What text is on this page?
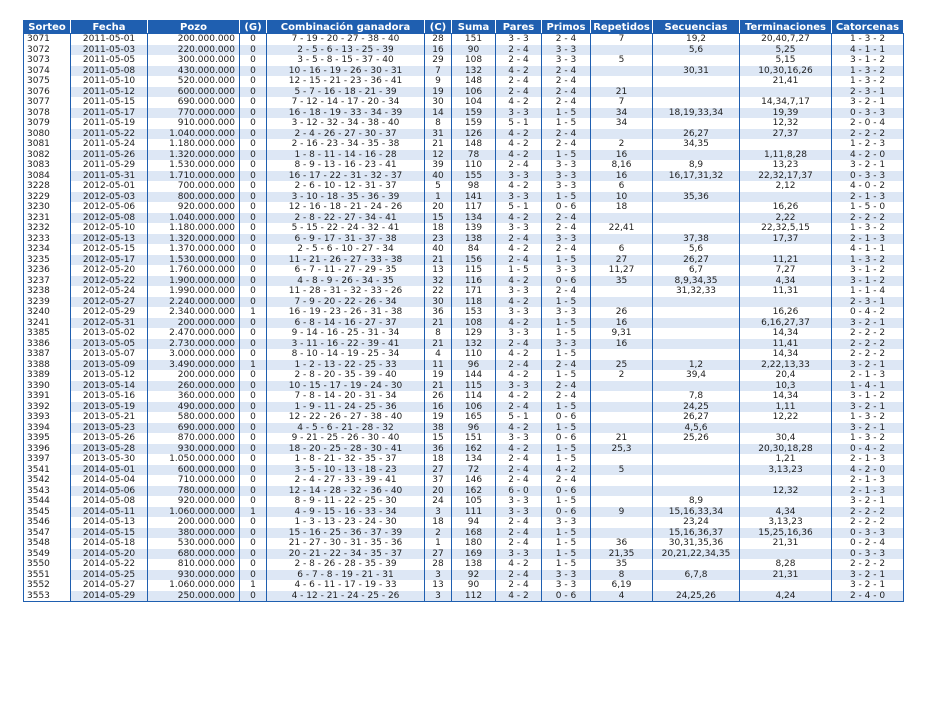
Sorteo	Fecha	Pozo	(G)	Combinación ganadora	(C)	Suma	Pares	Primos	Repetidos	Secuencias	Terminaciones	Catorcenas
3071	2011-05-01	200.000.000	0	7 - 19 - 20 - 27 - 38 - 40	28	151	3 - 3	2 - 4	7	19,2	20,40,7,27	1 - 3 - 2
3072	2011-05-03	220.000.000	0	2 - 5 - 6 - 13 - 25 - 39	16	90	2 - 4	3 - 3		5,6	5,25	4 - 1 - 1
3073	2011-05-05	300.000.000	0	3 - 5 - 8 - 15 - 37 - 40	29	108	2 - 4	3 - 3	5		5,15	3 - 1 - 2
3074	2011-05-08	430.000.000	0	10 - 16 - 19 - 26 - 30 - 31	7	132	4 - 2	2 - 4		30,31	10,30,16,26	1 - 3 - 2
3075	2011-05-10	520.000.000	0	12 - 15 - 21 - 23 - 36 - 41	9	148	2 - 4	2 - 4			21,41	1 - 3 - 2
3076	2011-05-12	600.000.000	0	5 - 7 - 16 - 18 - 21 - 39	19	106	2 - 4	2 - 4	21			2 - 3 - 1
3077	2011-05-15	690.000.000	0	7 - 12 - 14 - 17 - 20 - 34	30	104	4 - 2	2 - 4	7		14,34,7,17	3 - 2 - 1
3078	2011-05-17	770.000.000	0	16 - 18 - 19 - 33 - 34 - 39	14	159	3 - 3	1 - 5	34	18,19,33,34	19,39	0 - 3 - 3
3079	2011-05-19	910.000.000	0	3 - 12 - 32 - 34 - 38 - 40	8	159	5 - 1	1 - 5	34		12,32	2 - 0 - 4
3080	2011-05-22	1.040.000.000	0	2 - 4 - 26 - 27 - 30 - 37	31	126	4 - 2	2 - 4		26,27	27,37	2 - 2 - 2
3081	2011-05-24	1.180.000.000	0	2 - 16 - 23 - 34 - 35 - 38	21	148	4 - 2	2 - 4	2	34,35		1 - 2 - 3
3082	2011-05-26	1.320.000.000	0	1 - 8 - 11 - 14 - 16 - 28	12	78	4 - 2	1 - 5	16		1,11,8,28	4 - 2 - 0
3083	2011-05-29	1.530.000.000	0	8 - 9 - 13 - 16 - 23 - 41	39	110	2 - 4	3 - 3	8,16	8,9	13,23	3 - 2 - 1
3084	2011-05-31	1.710.000.000	0	16 - 17 - 22 - 31 - 32 - 37	40	155	3 - 3	3 - 3	16	16,17,31,32	22,32,17,37	0 - 3 - 3
3228	2012-05-01	700.000.000	0	2 - 6 - 10 - 12 - 31 - 37	5	98	4 - 2	3 - 3	6		2,12	4 - 0 - 2
3229	2012-05-03	800.000.000	0	3 - 10 - 18 - 35 - 36 - 39	1	141	3 - 3	1 - 5	10	35,36		2 - 1 - 3
3230	2012-05-06	920.000.000	0	12 - 16 - 18 - 21 - 24 - 26	20	117	5 - 1	0 - 6	18		16,26	1 - 5 - 0
3231	2012-05-08	1.040.000.000	0	2 - 8 - 22 - 27 - 34 - 41	15	134	4 - 2	2 - 4			2,22	2 - 2 - 2
3232	2012-05-10	1.180.000.000	0	5 - 15 - 22 - 24 - 32 - 41	18	139	3 - 3	2 - 4	22,41		22,32,5,15	1 - 3 - 2
3233	2012-05-13	1.320.000.000	0	6 - 9 - 17 - 31 - 37 - 38	23	138	2 - 4	3 - 3		37,38	17,37	2 - 1 - 3
3234	2012-05-15	1.370.000.000	0	2 - 5 - 6 - 10 - 27 - 34	40	84	4 - 2	2 - 4	6	5,6		4 - 1 - 1
3235	2012-05-17	1.530.000.000	0	11 - 21 - 26 - 27 - 33 - 38	21	156	2 - 4	1 - 5	27	26,27	11,21	1 - 3 - 2
3236	2012-05-20	1.760.000.000	0	6 - 7 - 11 - 27 - 29 - 35	13	115	1 - 5	3 - 3	11,27	6,7	7,27	3 - 1 - 2
3237	2012-05-22	1.900.000.000	0	4 - 8 - 9 - 26 - 34 - 35	32	116	4 - 2	0 - 6	35	8,9,34,35	4,34	3 - 1 - 2
3238	2012-05-24	1.990.000.000	0	11 - 28 - 31 - 32 - 33 - 26	22	171	3 - 3	2 - 4		31,32,33	11,31	1 - 1 - 4
3239	2012-05-27	2.240.000.000	0	7 - 9 - 20 - 22 - 26 - 34	30	118	4 - 2	1 - 5				2 - 3 - 1
3240	2012-05-29	2.340.000.000	1	16 - 19 - 23 - 26 - 31 - 38	36	153	3 - 3	3 - 3	26		16,26	0 - 4 - 2
3241	2012-05-31	200.000.000	0	6 - 8 - 14 - 16 - 27 - 37	21	108	4 - 2	1 - 5	16		6,16,27,37	3 - 2 - 1
3385	2013-05-02	2.470.000.000	0	9 - 14 - 16 - 25 - 31 - 34	8	129	3 - 3	1 - 5	9,31		14,34	2 - 2 - 2
3386	2013-05-05	2.730.000.000	0	3 - 11 - 16 - 22 - 39 - 41	21	132	2 - 4	3 - 3	16		11,41	2 - 2 - 2
3387	2013-05-07	3.000.000.000	0	8 - 10 - 14 - 19 - 25 - 34	4	110	4 - 2	1 - 5			14,34	2 - 2 - 2
3388	2013-05-09	3.490.000.000	1	1 - 2 - 13 - 22 - 25 - 33	11	96	2 - 4	2 - 4	25	1,2	2,22,13,33	3 - 2 - 1
3389	2013-05-12	200.000.000	0	2 - 8 - 20 - 35 - 39 - 40	19	144	4 - 2	1 - 5	2	39,4	20,4	2 - 1 - 3
3390	2013-05-14	260.000.000	0	10 - 15 - 17 - 19 - 24 - 30	21	115	3 - 3	2 - 4			10,3	1 - 4 - 1
3391	2013-05-16	360.000.000	0	7 - 8 - 14 - 20 - 31 - 34	26	114	4 - 2	2 - 4		7,8	14,34	3 - 1 - 2
3392	2013-05-19	490.000.000	0	1 - 9 - 11 - 24 - 25 - 36	16	106	2 - 4	1 - 5		24,25	1,11	3 - 2 - 1
3393	2013-05-21	580.000.000	0	12 - 22 - 26 - 27 - 38 - 40	19	165	5 - 1	0 - 6		26,27	12,22	1 - 3 - 2
3394	2013-05-23	690.000.000	0	4 - 5 - 6 - 21 - 28 - 32	38	96	4 - 2	1 - 5		4,5,6		3 - 2 - 1
3395	2013-05-26	870.000.000	0	9 - 21 - 25 - 26 - 30 - 40	15	151	3 - 3	0 - 6	21	25,26	30,4	1 - 3 - 2
3396	2013-05-28	930.000.000	0	18 - 20 - 25 - 28 - 30 - 41	36	162	4 - 2	1 - 5	25,3		20,30,18,28	0 - 4 - 2
3397	2013-05-30	1.050.000.000	0	1 - 8 - 21 - 32 - 35 - 37	18	134	2 - 4	1 - 5			1,21	2 - 1 - 3
3541	2014-05-01	600.000.000	0	3 - 5 - 10 - 13 - 18 - 23	27	72	2 - 4	4 - 2	5		3,13,23	4 - 2 - 0
3542	2014-05-04	710.000.000	0	2 - 4 - 27 - 33 - 39 - 41	37	146	2 - 4	2 - 4				2 - 1 - 3
3543	2014-05-06	780.000.000	0	12 - 14 - 28 - 32 - 36 - 40	20	162	6 - 0	0 - 6			12,32	2 - 1 - 3
3544	2014-05-08	920.000.000	0	8 - 9 - 11 - 22 - 25 - 30	24	105	3 - 3	1 - 5		8,9		3 - 2 - 1
3545	2014-05-11	1.060.000.000	1	4 - 9 - 15 - 16 - 33 - 34	3	111	3 - 3	0 - 6	9	15,16,33,34	4,34	2 - 2 - 2
3546	2014-05-13	200.000.000	0	1 - 3 - 13 - 23 - 24 - 30	18	94	2 - 4	3 - 3		23,24	3,13,23	2 - 2 - 2
3547	2014-05-15	380.000.000	0	15 - 16 - 25 - 36 - 37 - 39	2	168	2 - 4	1 - 5		15,16,36,37	15,25,16,36	0 - 3 - 3
3548	2014-05-18	530.000.000	0	21 - 27 - 30 - 31 - 35 - 36	1	180	2 - 4	1 - 5	36	30,31,35,36	21,31	0 - 2 - 4
3549	2014-05-20	680.000.000	0	20 - 21 - 22 - 34 - 35 - 37	27	169	3 - 3	1 - 5	21,35	20,21,22,34,35		0 - 3 - 3
3550	2014-05-22	810.000.000	0	2 - 8 - 26 - 28 - 35 - 39	28	138	4 - 2	1 - 5	35		8,28	2 - 2 - 2
3551	2014-05-25	930.000.000	0	6 - 7 - 8 - 19 - 21 - 31	3	92	2 - 4	3 - 3	8	6,7,8	21,31	3 - 2 - 1
3552	2014-05-27	1.060.000.000	1	4 - 6 - 11 - 17 - 19 - 33	13	90	2 - 4	3 - 3	6,19			3 - 2 - 1
3553	2014-05-29	250.000.000	0	4 - 12 - 21 - 24 - 25 - 26	3	112	4 - 2	0 - 6	4	24,25,26	4,24	2 - 4 - 0
